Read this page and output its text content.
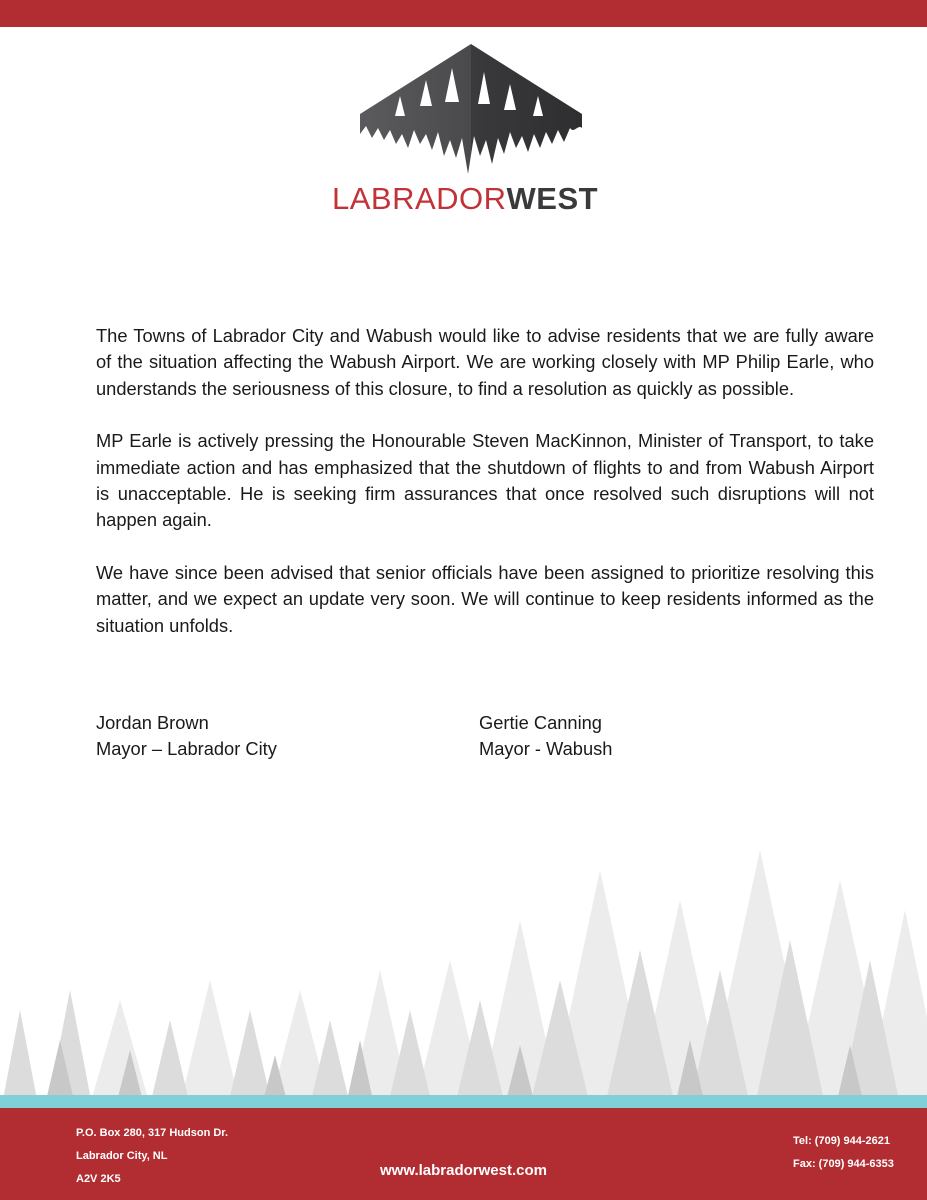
LABRADORWEST

The Towns of Labrador City and Wabush would like to advise residents that we are fully aware of the situation affecting the Wabush Airport. We are working closely with MP Philip Earle, who understands the seriousness of this closure, to find a resolution as quickly as possible.

MP Earle is actively pressing the Honourable Steven MacKinnon, Minister of Transport, to take immediate action and has emphasized that the shutdown of flights to and from Wabush Airport is unacceptable. He is seeking firm assurances that once resolved such disruptions will not happen again.

We have since been advised that senior officials have been assigned to prioritize resolving this matter, and we expect an update very soon. We will continue to keep residents informed as the situation unfolds.

Jordan Brown
Mayor – Labrador City
Gertie Canning
Mayor - Wabush
P.O. Box 280, 317 Hudson Dr.
Labrador City, NL
A2V 2K5	www.labradorwest.com
Tel: (709) 944-2621
Fax: (709) 944-6353
